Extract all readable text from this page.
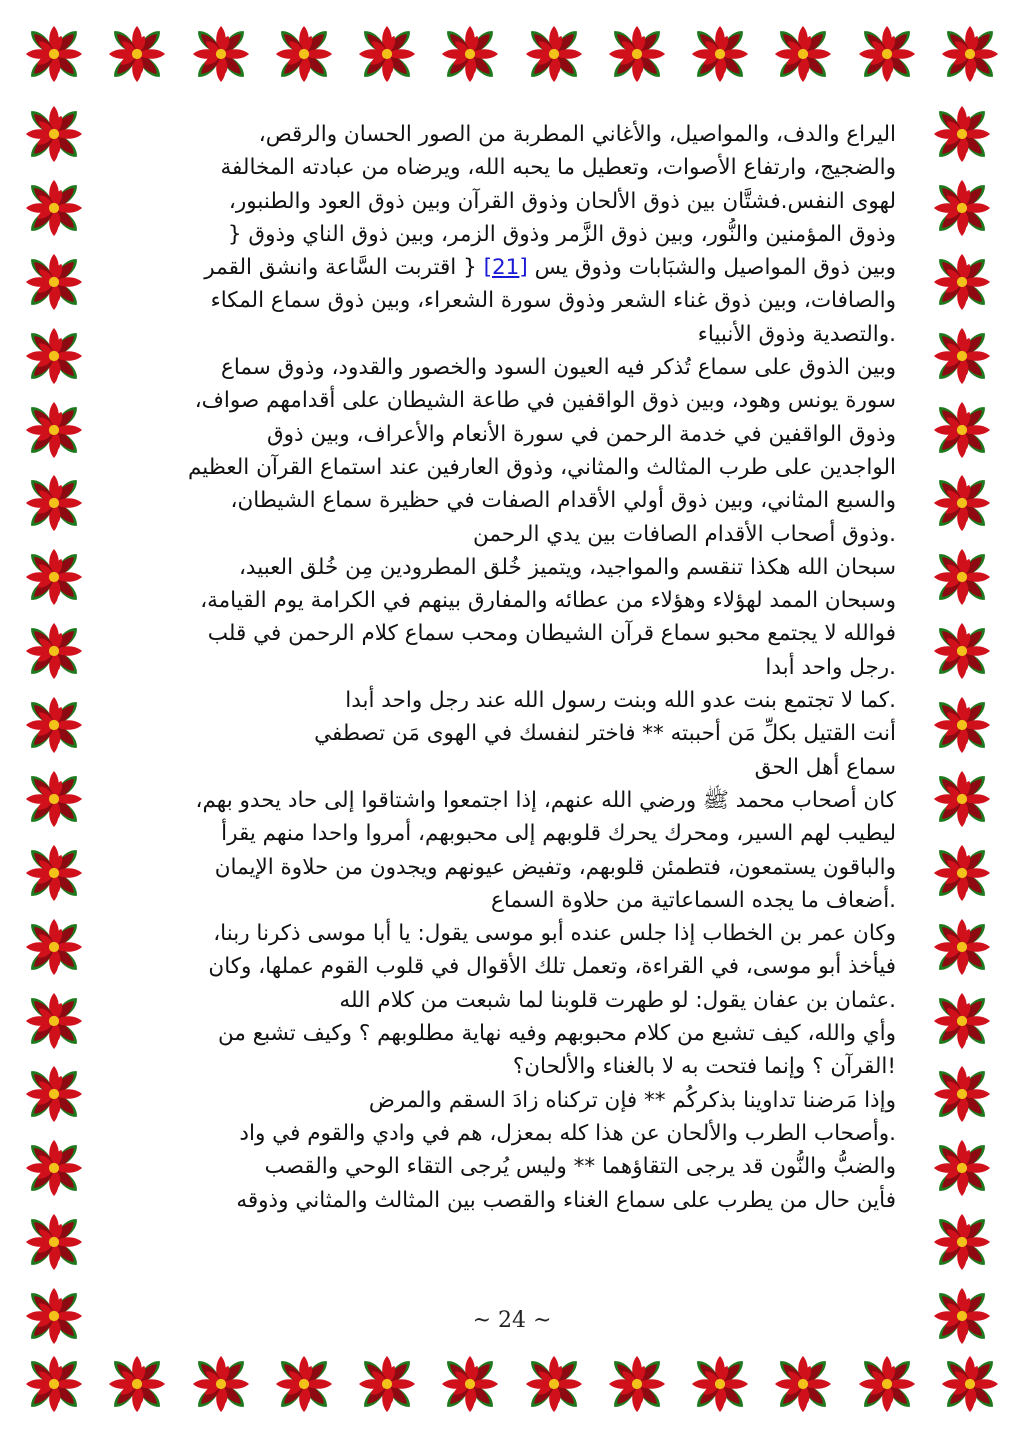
اليراع والدف، والمواصيل، والأغاني المطربة من الصور الحسان والرقص،
والضجيج، وارتفاع الأصوات، وتعطيل ما يحبه الله، ويرضاه من عبادته المخالفة
لهوى النفس.فشتَّان بين ذوق الألحان وذوق القرآن وبين ذوق العود والطنبور،
وذوق المؤمنين والنُّور، وبين ذوق الزَّمر وذوق الزمر، وبين ذوق الناي وذوق {
وبين ذوق المواصيل والشبَابات وذوق يس [21] { اقتربت السَّاعة وانشق القمر
والصافات، وبين ذوق غناء الشعر وذوق سورة الشعراء، وبين ذوق سماع المكاء
.والتصدية وذوق الأنبياء
وبين الذوق على سماع تُذكر فيه العيون السود والخصور والقدود، وذوق سماع
سورة يونس وهود، وبين ذوق الواقفين في طاعة الشيطان على أقدامهم صواف،
وذوق الواقفين في خدمة الرحمن في سورة الأنعام والأعراف، وبين ذوق
الواجدين على طرب المثالث والمثاني، وذوق العارفين عند استماع القرآن العظيم
والسبع المثاني، وبين ذوق أولي الأقدام الصفات في حظيرة سماع الشيطان،
.وذوق أصحاب الأقدام الصافات بين يدي الرحمن
سبحان الله هكذا تنقسم والمواجيد، ويتميز خُلق المطرودين مِن خُلق العبيد،
وسبحان الممد لهؤلاء وهؤلاء من عطائه والمفارق بينهم في الكرامة يوم القيامة،
فوالله لا يجتمع محبو سماع قرآن الشيطان ومحب سماع كلام الرحمن في قلب
.رجل واحد أبدا
.كما لا تجتمع بنت عدو الله وبنت رسول الله عند رجل واحد أبدا
أنت القتيل بكلِّ مَن أحببته ** فاختر لنفسك في الهوى مَن تصطفي
سماع أهل الحق
كان أصحاب محمد ﷺ ورضي الله عنهم، إذا اجتمعوا واشتاقوا إلى حاد يحدو بهم،
ليطيب لهم السير، ومحرك يحرك قلوبهم إلى محبوبهم، أمروا واحدا منهم يقرأ
والباقون يستمعون، فتطمئن قلوبهم، وتفيض عيونهم ويجدون من حلاوة الإيمان
.أضعاف ما يجده السماعاتية من حلاوة السماع
وكان عمر بن الخطاب إذا جلس عنده أبو موسى يقول: يا أبا موسى ذكرنا ربنا،
فيأخذ أبو موسى، في القراءة، وتعمل تلك الأقوال في قلوب القوم عملها، وكان
.عثمان بن عفان يقول: لو طهرت قلوبنا لما شبعت من كلام الله
وأي والله، كيف تشبع من كلام محبوبهم وفيه نهاية مطلوبهم ؟ وكيف تشبع من
!القرآن ؟ وإنما فتحت به لا بالغناء والألحان؟
وإذا مَرضنا تداوينا بذكركُم ** فإن تركناه زادَ السقم والمرض
.وأصحاب الطرب والألحان عن هذا كله بمعزل، هم في وادي والقوم في واد
والضبُّ والنُّون قد يرجى التقاؤهما ** وليس يُرجى التقاء الوحي والقصب
فأين حال من يطرب على سماع الغناء والقصب بين المثالث والمثاني وذوقه
~ 24 ~
